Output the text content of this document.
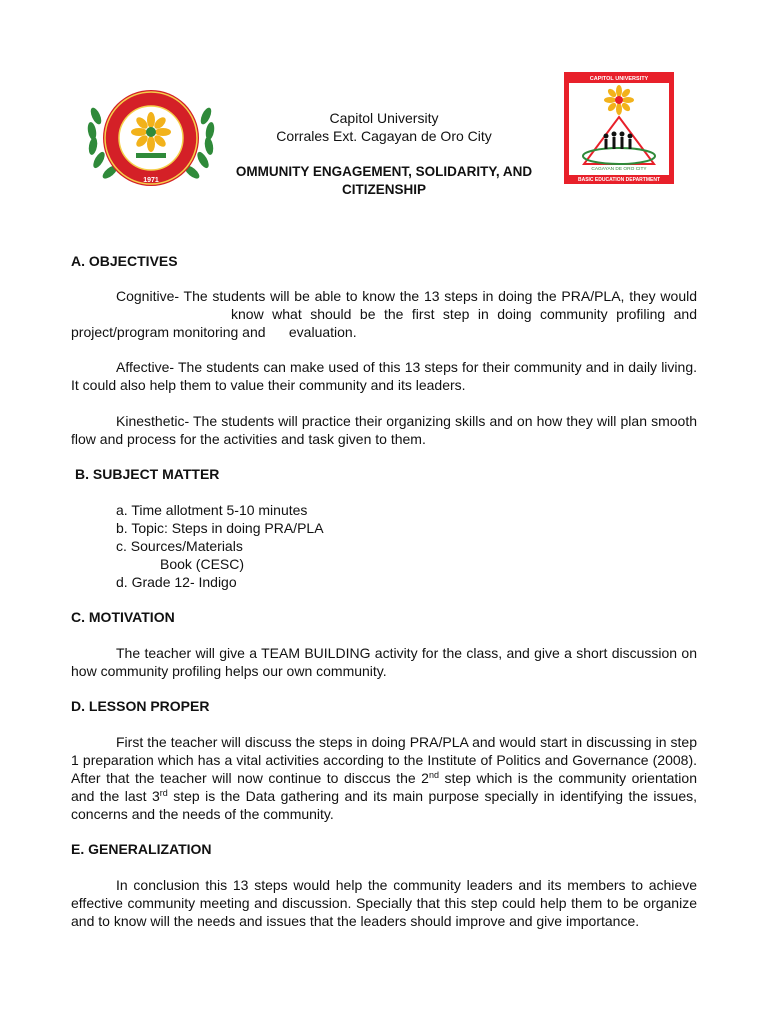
1971
CAPITOL UNIVERSITY
CAGAYAN DE ORO CITY
BASIC EDUCATION DEPARTMENT
Capitol University
Corrales Ext. Cagayan de Oro City
OMMUNITY ENGAGEMENT, SOLIDARITY, AND
CITIZENSHIP
A. OBJECTIVES

Cognitive- The students will be able to know the 13 steps in doing the PRA/PLA, they wouldknow what should be the first step in doing community profiling and project/program monitoring and evaluation.

Affective- The students can make used of this 13 steps for their community and in daily living. It could also help them to value their community and its leaders.

Kinesthetic- The students will practice their organizing skills and on how they will plan smooth flow and process for the activities and task given to them.

B. SUBJECT MATTER
a. Time allotment 5-10 minutes
b. Topic: Steps in doing PRA/PLA
c. Sources/Materials
Book (CESC)
d. Grade 12- Indigo
C. MOTIVATION

The teacher will give a TEAM BUILDING activity for the class, and give a short discussion on how community profiling helps our own community.

D. LESSON PROPER

First the teacher will discuss the steps in doing PRA/PLA and would start in discussing in step 1 preparation which has a vital activities according to the Institute of Politics and Governance (2008). After that the teacher will now continue to disccus the 2nd step which is the community orientation and the last 3rd step is the Data gathering and its main purpose specially in identifying the issues, concerns and the needs of the community.

E. GENERALIZATION

In conclusion this 13 steps would help the community leaders and its members to achieve effective community meeting and discussion. Specially that this step could help them to be organize and to know will the needs and issues that the leaders should improve and give importance.
